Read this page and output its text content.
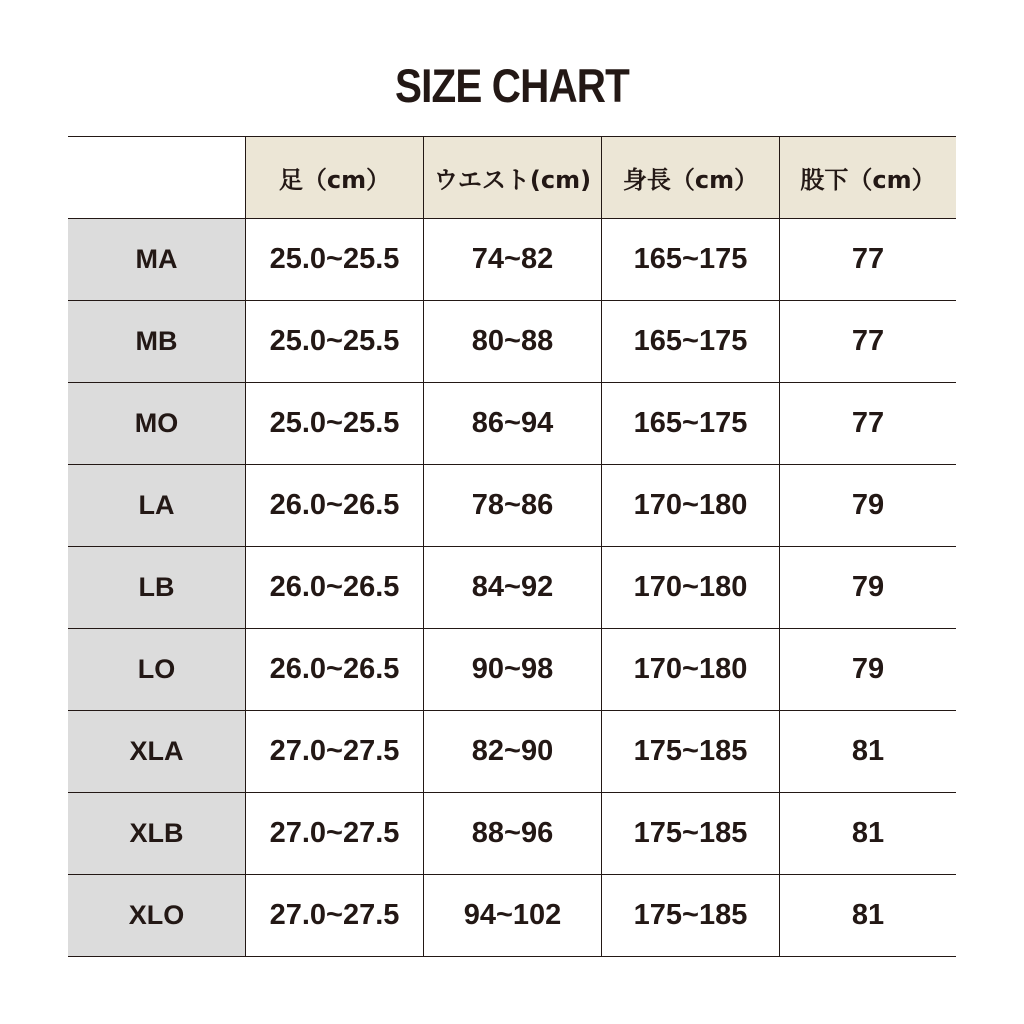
SIZE CHART
足（cm）	ウエスト(cm)	身長（cm）	股下（cm）
MA	25.0~25.5	74~82	165~175	77
MB	25.0~25.5	80~88	165~175	77
MO	25.0~25.5	86~94	165~175	77
LA	26.0~26.5	78~86	170~180	79
LB	26.0~26.5	84~92	170~180	79
LO	26.0~26.5	90~98	170~180	79
XLA	27.0~27.5	82~90	175~185	81
XLB	27.0~27.5	88~96	175~185	81
XLO	27.0~27.5	94~102	175~185	81
